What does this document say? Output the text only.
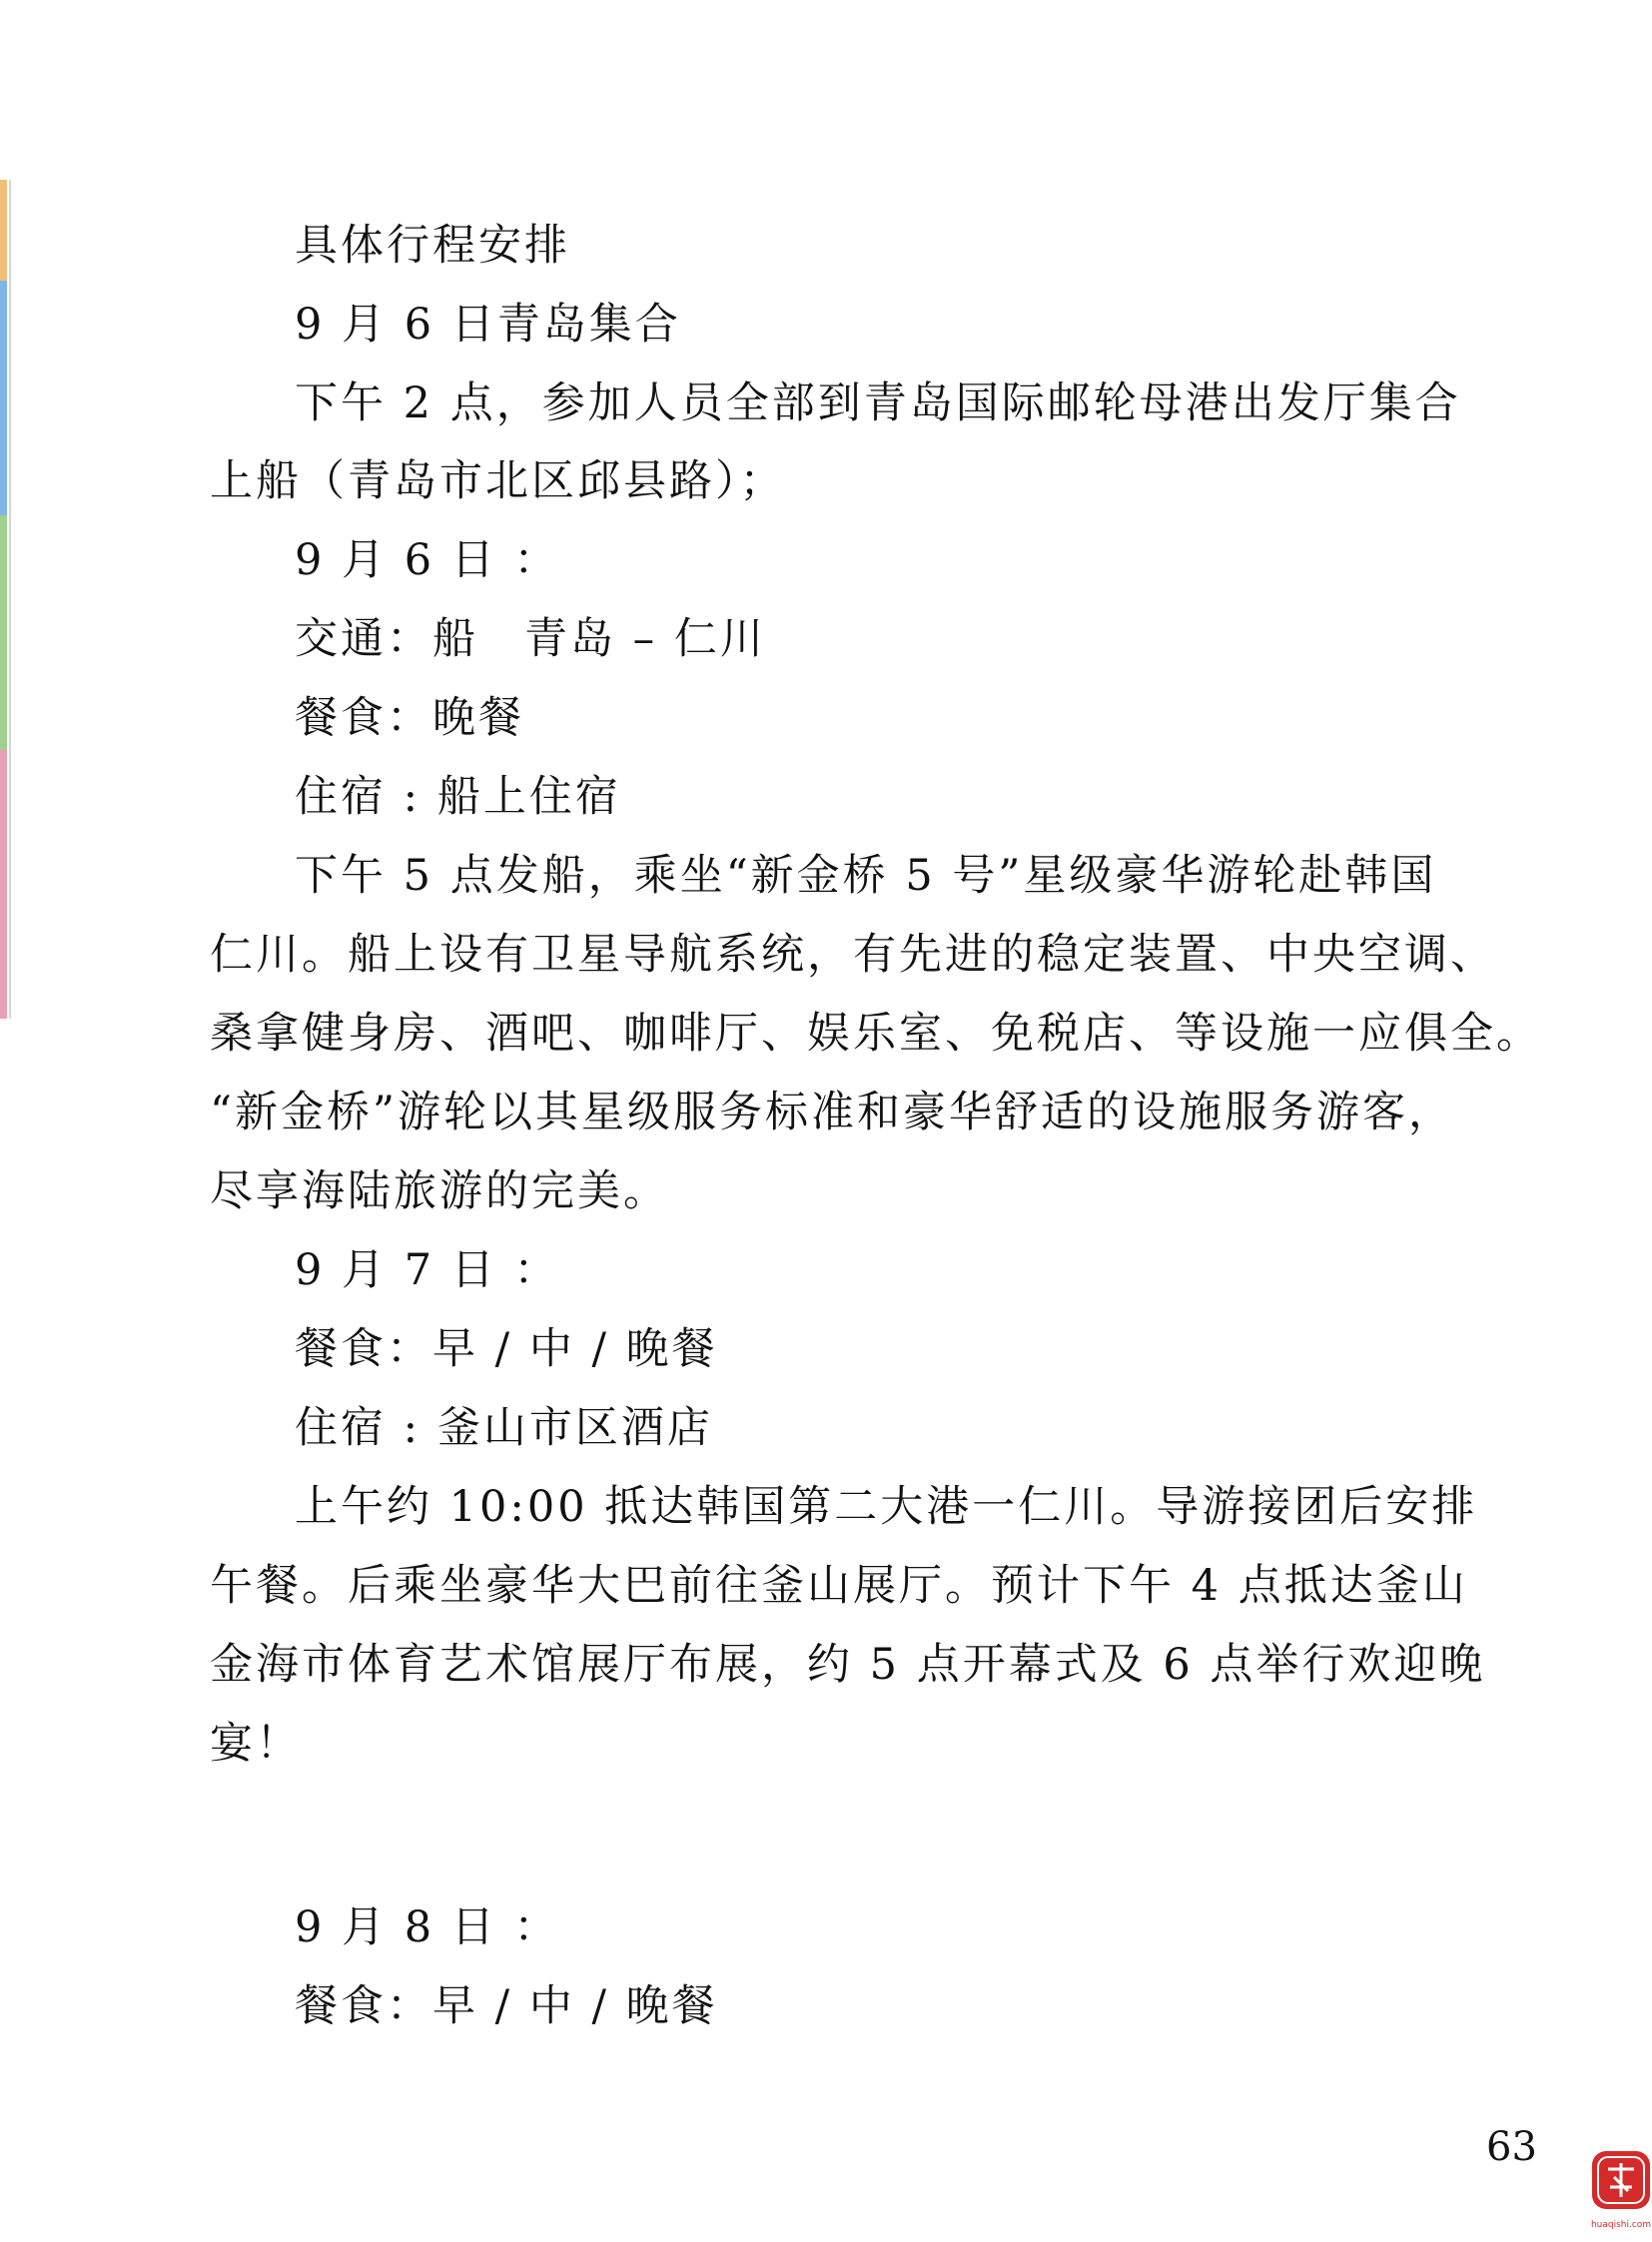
具体行程安排
9 月 6 日青岛集合
下午 2 点，参加人员全部到青岛国际邮轮母港出发厅集合
上船（青岛市北区邱县路）；
9 月 6 日 ：
交通：船　青岛 – 仁川
餐食：晚餐
住宿 : 船上住宿
下午 5 点发船，乘坐“新金桥 5 号”星级豪华游轮赴韩国
仁川。船上设有卫星导航系统，有先进的稳定装置、中央空调、
桑拿健身房、酒吧、咖啡厅、娱乐室、免税店、等设施一应俱全。
“新金桥”游轮以其星级服务标准和豪华舒适的设施服务游客，
尽享海陆旅游的完美。
9 月 7 日 ：
餐食：早 / 中 / 晚餐
住宿 : 釜山市区酒店
上午约 10:00 抵达韩国第二大港一仁川。导游接团后安排
午餐。后乘坐豪华大巴前往釜山展厅。预计下午 4 点抵达釜山
金海市体育艺术馆展厅布展，约 5 点开幕式及 6 点举行欢迎晚
宴！
9 月 8 日 ：
餐食：早 / 中 / 晚餐
63
huaqishi.com
